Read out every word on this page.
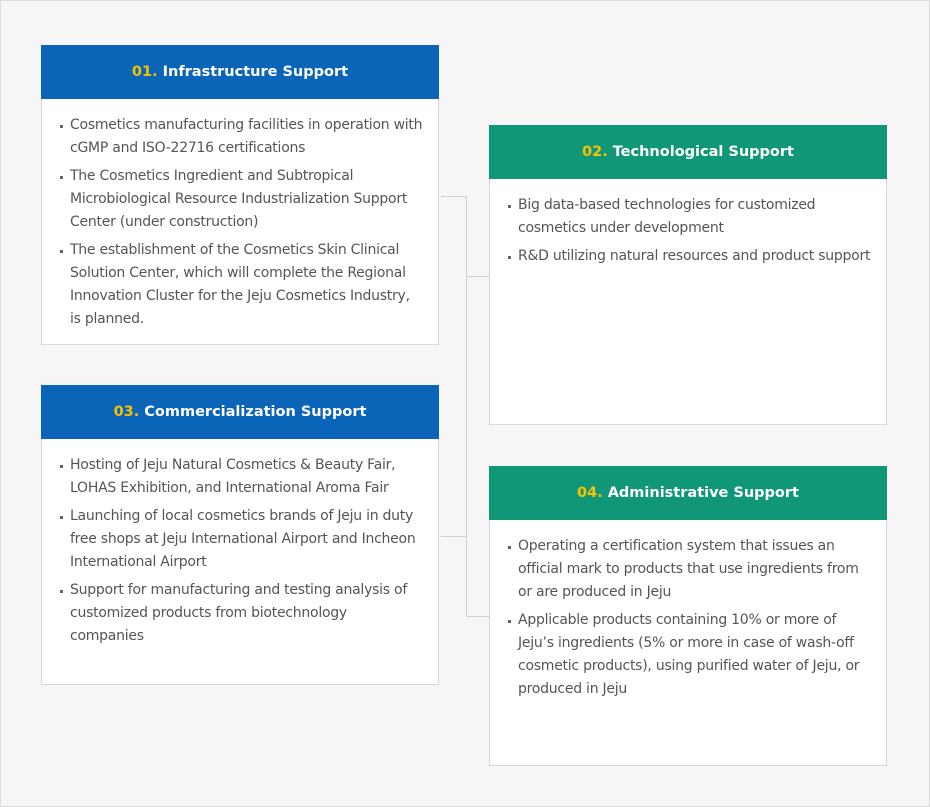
01. Infrastructure Support
Cosmetics manufacturing facilities in operation with cGMP and ISO-22716 certifications
The Cosmetics Ingredient and Subtropical Microbiological Resource Industrialization Support Center (under construction)
The establishment of the Cosmetics Skin Clinical Solution Center, which will complete the Regional Innovation Cluster for the Jeju Cosmetics Industry, is planned.
02. Technological Support
Big data-based technologies for customized cosmetics under development
R&D utilizing natural resources and product support
03. Commercialization Support
Hosting of Jeju Natural Cosmetics & Beauty Fair, LOHAS Exhibition, and International Aroma Fair
Launching of local cosmetics brands of Jeju in duty free shops at Jeju International Airport and Incheon International Airport
Support for manufacturing and testing analysis of customized products from biotechnology companies
04. Administrative Support
Operating a certification system that issues an official mark to products that use ingredients from or are produced in Jeju
Applicable products containing 10% or more of Jeju’s ingredients (5% or more in case of wash-off cosmetic products), using purified water of Jeju, or produced in Jeju
